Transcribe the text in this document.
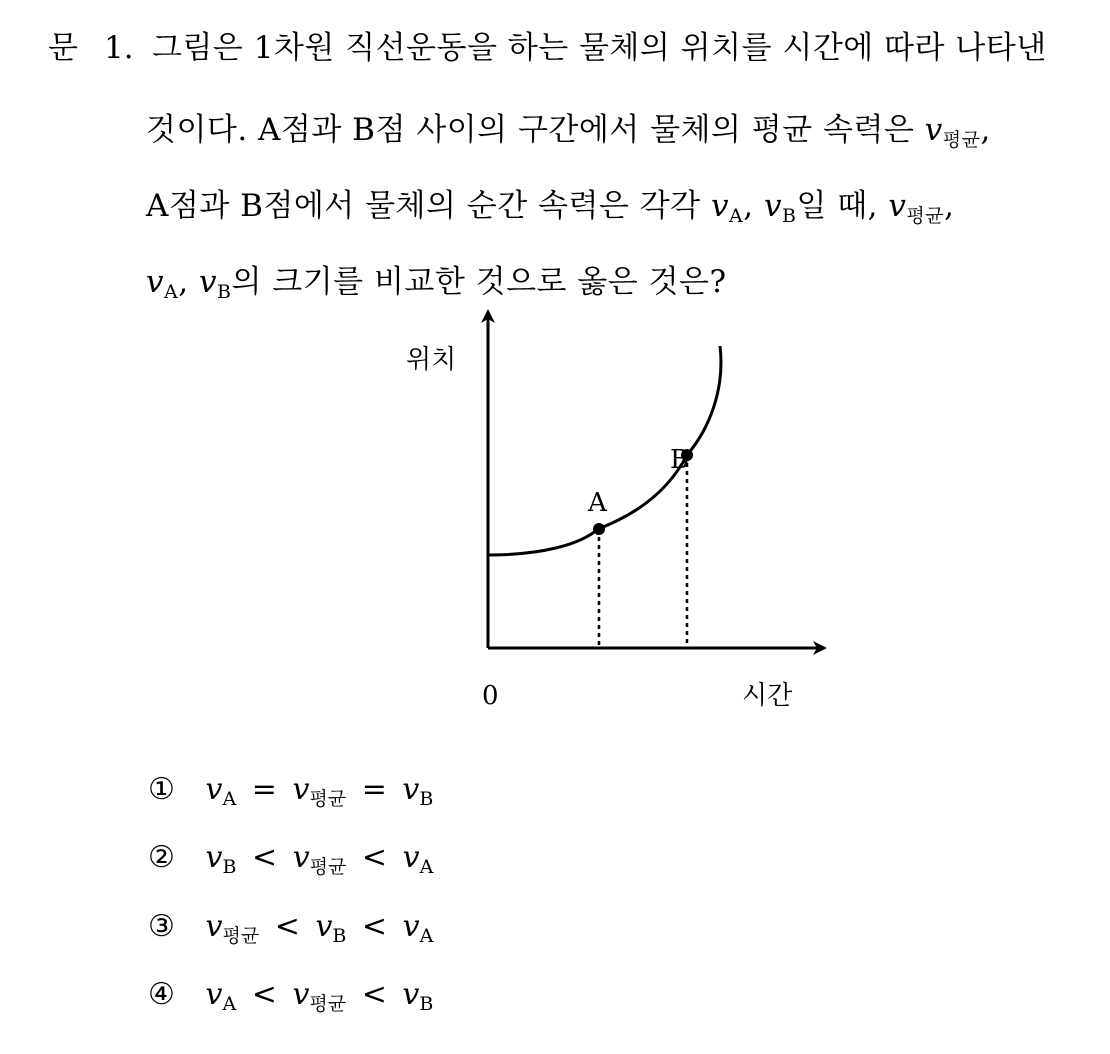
문 1. 그림은 1차원 직선운동을 하는 물체의 위치를 시간에 따라 나타낸
것이다. A점과 B점 사이의 구간에서 물체의 평균 속력은 $v_{평균}$,
A점과 B점에서 물체의 순간 속력은 각각 $v_A$, $v_B$일 때, $v_{평균}$,
$v_A$, $v_B$의 크기를 비교한 것으로 옳은 것은?
A
B
위치
시간
0
① $v_A = v_{평균} = v_B$
② $v_B < v_{평균} < v_A$
③ $v_{평균} < v_B < v_A$
④ $v_A < v_{평균} < v_B$
